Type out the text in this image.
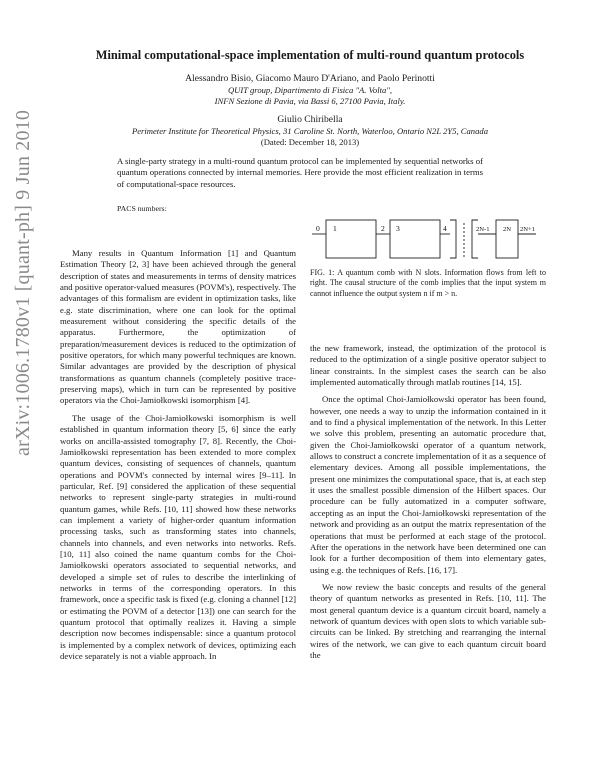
arXiv:1006.1780v1 [quant-ph] 9 Jun 2010
Minimal computational-space implementation of multi-round quantum protocols
Alessandro Bisio, Giacomo Mauro D'Ariano, and Paolo Perinotti
QUIT group, Dipartimento di Fisica "A. Volta",
INFN Sezione di Pavia, via Bassi 6, 27100 Pavia, Italy.
Giulio Chiribella
Perimeter Institute for Theoretical Physics, 31 Caroline St. North, Waterloo, Ontario N2L 2Y5, Canada
(Dated: December 18, 2013)
A single-party strategy in a multi-round quantum protocol can be implemented by sequential networks of quantum operations connected by internal memories. Here provide the most efficient realization in terms of computational-space resources.
PACS numbers:

Many results in Quantum Information [1] and Quantum Estimation Theory [2, 3] have been achieved through the general description of states and measurements in terms of density matrices and positive operator-valued measures (POVM's), respectively. The advantages of this formalism are evident in optimization tasks, like e.g. state discrimination, where one can look for the optimal measurement without considering the specific details of the apparatus. Furthermore, the optimization of preparation/measurement devices is reduced to the optimization of positive operators, for which many powerful techniques are known. Similar advantages are provided by the description of physical transformations as quantum channels (completely positive trace-preserving maps), which in turn can be represented by positive operators via the Choi-Jamiołkowski isomorphism [4].

The usage of the Choi-Jamiołkowski isomorphism is well established in quantum information theory [5, 6] since the early works on ancilla-assisted tomography [7, 8]. Recently, the Choi-Jamiołkowski representation has been extended to more complex quantum devices, consisting of sequences of channels, quantum operations and POVM's connected by internal wires [9–11]. In particular, Ref. [9] considered the application of these sequential networks to represent single-party strategies in multi-round quantum games, while Refs. [10, 11] showed how these networks can implement a variety of higher-order quantum information processing tasks, such as transforming states into channels, channels into channels, and even networks into networks. Refs. [10, 11] also coined the name quantum combs for the Choi-Jamiołkowski operators associated to sequential networks, and developed a simple set of rules to describe the interlinking of networks in terms of the corresponding operators. In this framework, once a specific task is fixed (e.g. cloning a channel [12] or estimating the POVM of a detector [13]) one can search for the quantum protocol that optimally realizes it. Having a simple description now becomes indispensable: since a quantum protocol is implemented by a complex network of devices, optimizing each device separately is not a viable approach. In

0 1	2 3	4	2N-1 2N 2N+1
FIG. 1: A quantum comb with N slots. Information flows from left to right. The causal structure of the comb implies that the input system m cannot influence the output system n if m > n.

the new framework, instead, the optimization of the protocol is reduced to the optimization of a single positive operator subject to linear constraints. In the simplest cases the search can be also implemented automatically through matlab routines [14, 15].

Once the optimal Choi-Jamiołkowski operator has been found, however, one needs a way to unzip the information contained in it and to find a physical implementation of the network. In this Letter we solve this problem, presenting an automatic procedure that, given the Choi-Jamiołkowski operator of a quantum network, allows to construct a concrete implementation of it as a sequence of elementary devices. Among all possible implementations, the present one minimizes the computational space, that is, at each step it uses the smallest possible dimension of the Hilbert spaces. Our procedure can be fully automatized in a computer software, accepting as an input the Choi-Jamiołkowski representation of the network and providing as an output the matrix representation of the operations that must be performed at each stage of the protocol. After the operations in the network have been determined one can look for a further decomposition of them into elementary gates, using e.g. the techniques of Refs. [16, 17].

We now review the basic concepts and results of the general theory of quantum networks as presented in Refs. [10, 11]. The most general quantum device is a quantum circuit board, namely a network of quantum devices with open slots to which variable sub-circuits can be linked. By stretching and rearranging the internal wires of the network, we can give to each quantum circuit board the
